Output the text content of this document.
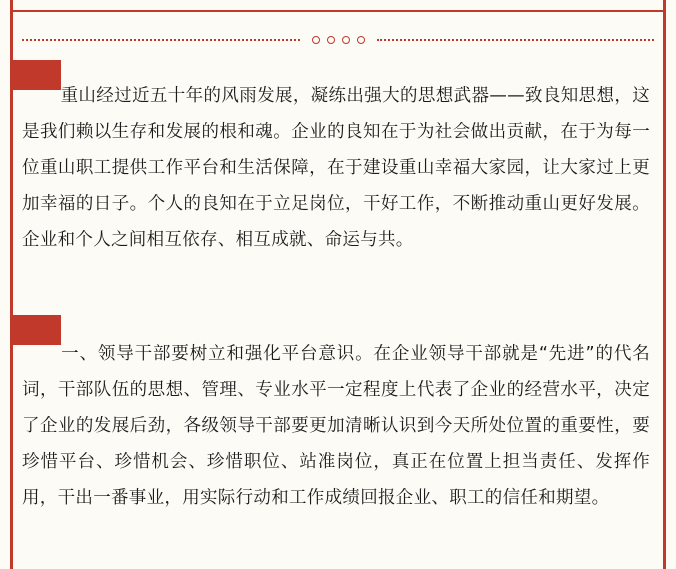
重山经过近五十年的风雨发展，凝练出强大的思想武器——致良知思想，这是我们赖以生存和发展的根和魂。企业的良知在于为社会做出贡献，在于为每一位重山职工提供工作平台和生活保障，在于建设重山幸福大家园，让大家过上更加幸福的日子。个人的良知在于立足岗位，干好工作，不断推动重山更好发展。企业和个人之间相互依存、相互成就、命运与共。

一、领导干部要树立和强化平台意识。在企业领导干部就是“先进”的代名词，干部队伍的思想、管理、专业水平一定程度上代表了企业的经营水平，决定了企业的发展后劲，各级领导干部要更加清晰认识到今天所处位置的重要性，要珍惜平台、珍惜机会、珍惜职位、站准岗位，真正在位置上担当责任、发挥作用，干出一番事业，用实际行动和工作成绩回报企业、职工的信任和期望。
